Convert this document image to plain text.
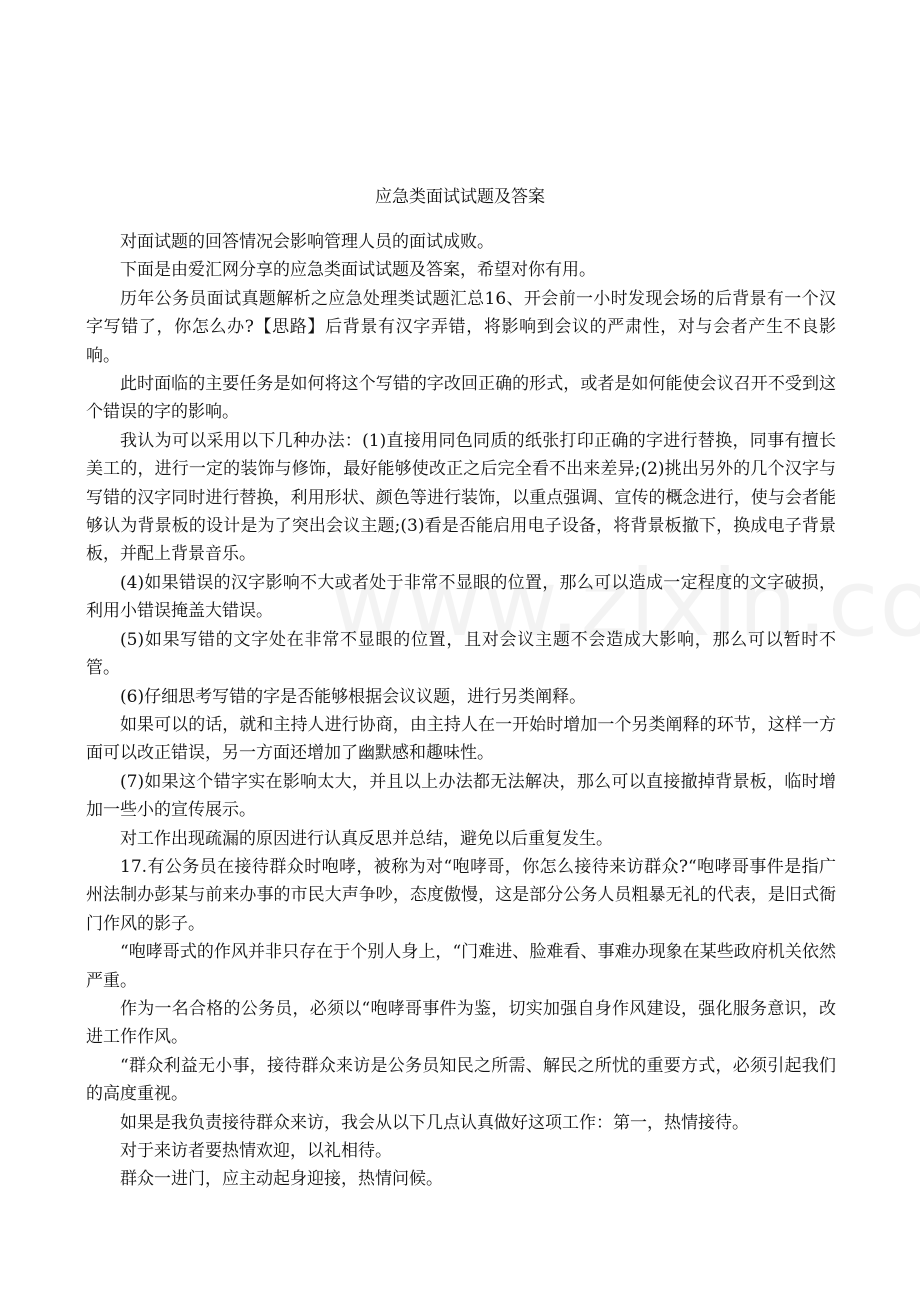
应急类面试试题及答案

对面试题的回答情况会影响管理人员的面试成败。

下面是由爱汇网分享的应急类面试试题及答案，希望对你有用。

历年公务员面试真题解析之应急处理类试题汇总16、开会前一小时发现会场的后背景有一个汉字写错了，你怎么办?【思路】后背景有汉字弄错，将影响到会议的严肃性，对与会者产生不良影响。

此时面临的主要任务是如何将这个写错的字改回正确的形式，或者是如何能使会议召开不受到这个错误的字的影响。

我认为可以采用以下几种办法：(1)直接用同色同质的纸张打印正确的字进行替换，同事有擅长美工的，进行一定的装饰与修饰，最好能够使改正之后完全看不出来差异;(2)挑出另外的几个汉字与写错的汉字同时进行替换，利用形状、颜色等进行装饰，以重点强调、宣传的概念进行，使与会者能够认为背景板的设计是为了突出会议主题;(3)看是否能启用电子设备，将背景板撤下，换成电子背景板，并配上背景音乐。

(4)如果错误的汉字影响不大或者处于非常不显眼的位置，那么可以造成一定程度的文字破损，利用小错误掩盖大错误。

(5)如果写错的文字处在非常不显眼的位置，且对会议主题不会造成大影响，那么可以暂时不管。

(6)仔细思考写错的字是否能够根据会议议题，进行另类阐释。

如果可以的话，就和主持人进行协商，由主持人在一开始时增加一个另类阐释的环节，这样一方面可以改正错误，另一方面还增加了幽默感和趣味性。

(7)如果这个错字实在影响太大，并且以上办法都无法解决，那么可以直接撤掉背景板，临时增加一些小的宣传展示。

对工作出现疏漏的原因进行认真反思并总结，避免以后重复发生。

17.有公务员在接待群众时咆哮，被称为对“咆哮哥，你怎么接待来访群众?“咆哮哥事件是指广州法制办彭某与前来办事的市民大声争吵，态度傲慢，这是部分公务人员粗暴无礼的代表，是旧式衙门作风的影子。

“咆哮哥式的作风并非只存在于个别人身上，“门难进、脸难看、事难办现象在某些政府机关依然严重。

作为一名合格的公务员，必须以“咆哮哥事件为鉴，切实加强自身作风建设，强化服务意识，改进工作作风。

“群众利益无小事，接待群众来访是公务员知民之所需、解民之所忧的重要方式，必须引起我们的高度重视。

如果是我负责接待群众来访，我会从以下几点认真做好这项工作：第一，热情接待。

对于来访者要热情欢迎，以礼相待。

群众一进门，应主动起身迎接，热情问候。
